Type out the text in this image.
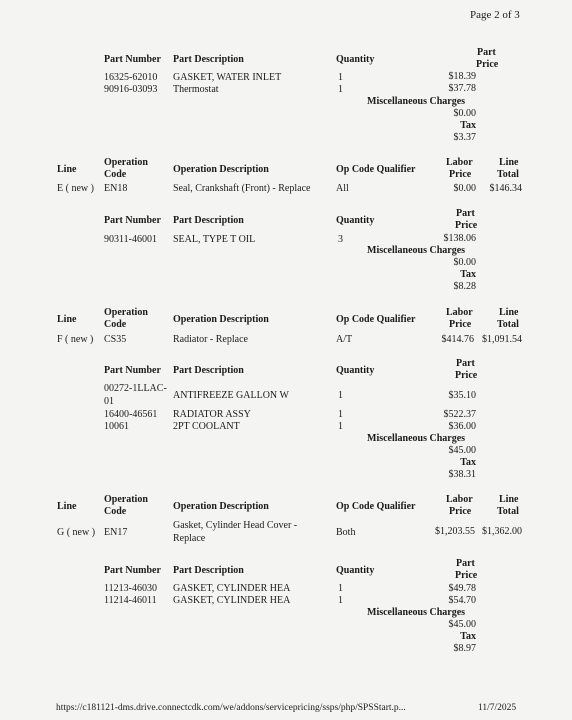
Page 2 of 3
Part
Part Number Part Description	Quantity	Price
16325-62010 GASKET, WATER INLET	1	$18.39
90916-03093 Thermostat	1	$37.78
Miscellaneous Charges
$0.00
Tax
$3.37
Operation	Labor	Line
Line	Operation Description	Op Code Qualifier
Code	Price	Total
E ( new ) EN18	Seal, Crankshaft (Front) - Replace	All	$0.00	$146.34
Part
Part Number Part Description	Quantity	Price
90311-46001 SEAL, TYPE T OIL	3	$138.06
Miscellaneous Charges
$0.00
Tax
$8.28
Operation	Labor	Line
Line	Operation Description	Op Code Qualifier
Code	Price	Total
F ( new ) CS35	Radiator - Replace	A/T	$414.76 $1,091.54
Part
Part Number Part Description	Quantity	Price
00272-1LLAC-
ANTIFREEZE GALLON W	1	$35.10
01
16400-46561 RADIATOR ASSY	1	$522.37
10061	2PT COOLANT	1	$36.00
Miscellaneous Charges
$45.00
Tax
$38.31
Operation	Labor	Line
Line	Operation Description	Op Code Qualifier
Code	Price	Total
Gasket, Cylinder Head Cover -
G ( new ) EN17	Both	$1,203.55 $1,362.00
Replace
Part
Part Number Part Description	Quantity	Price
11213-46030 GASKET, CYLINDER HEA	1	$49.78
11214-46011 GASKET, CYLINDER HEA	1	$54.70
Miscellaneous Charges
$45.00
Tax
$8.97
https://c181121-dms.drive.connectcdk.com/we/addons/servicepricing/ssps/php/SPSStart.p...	11/7/2025
